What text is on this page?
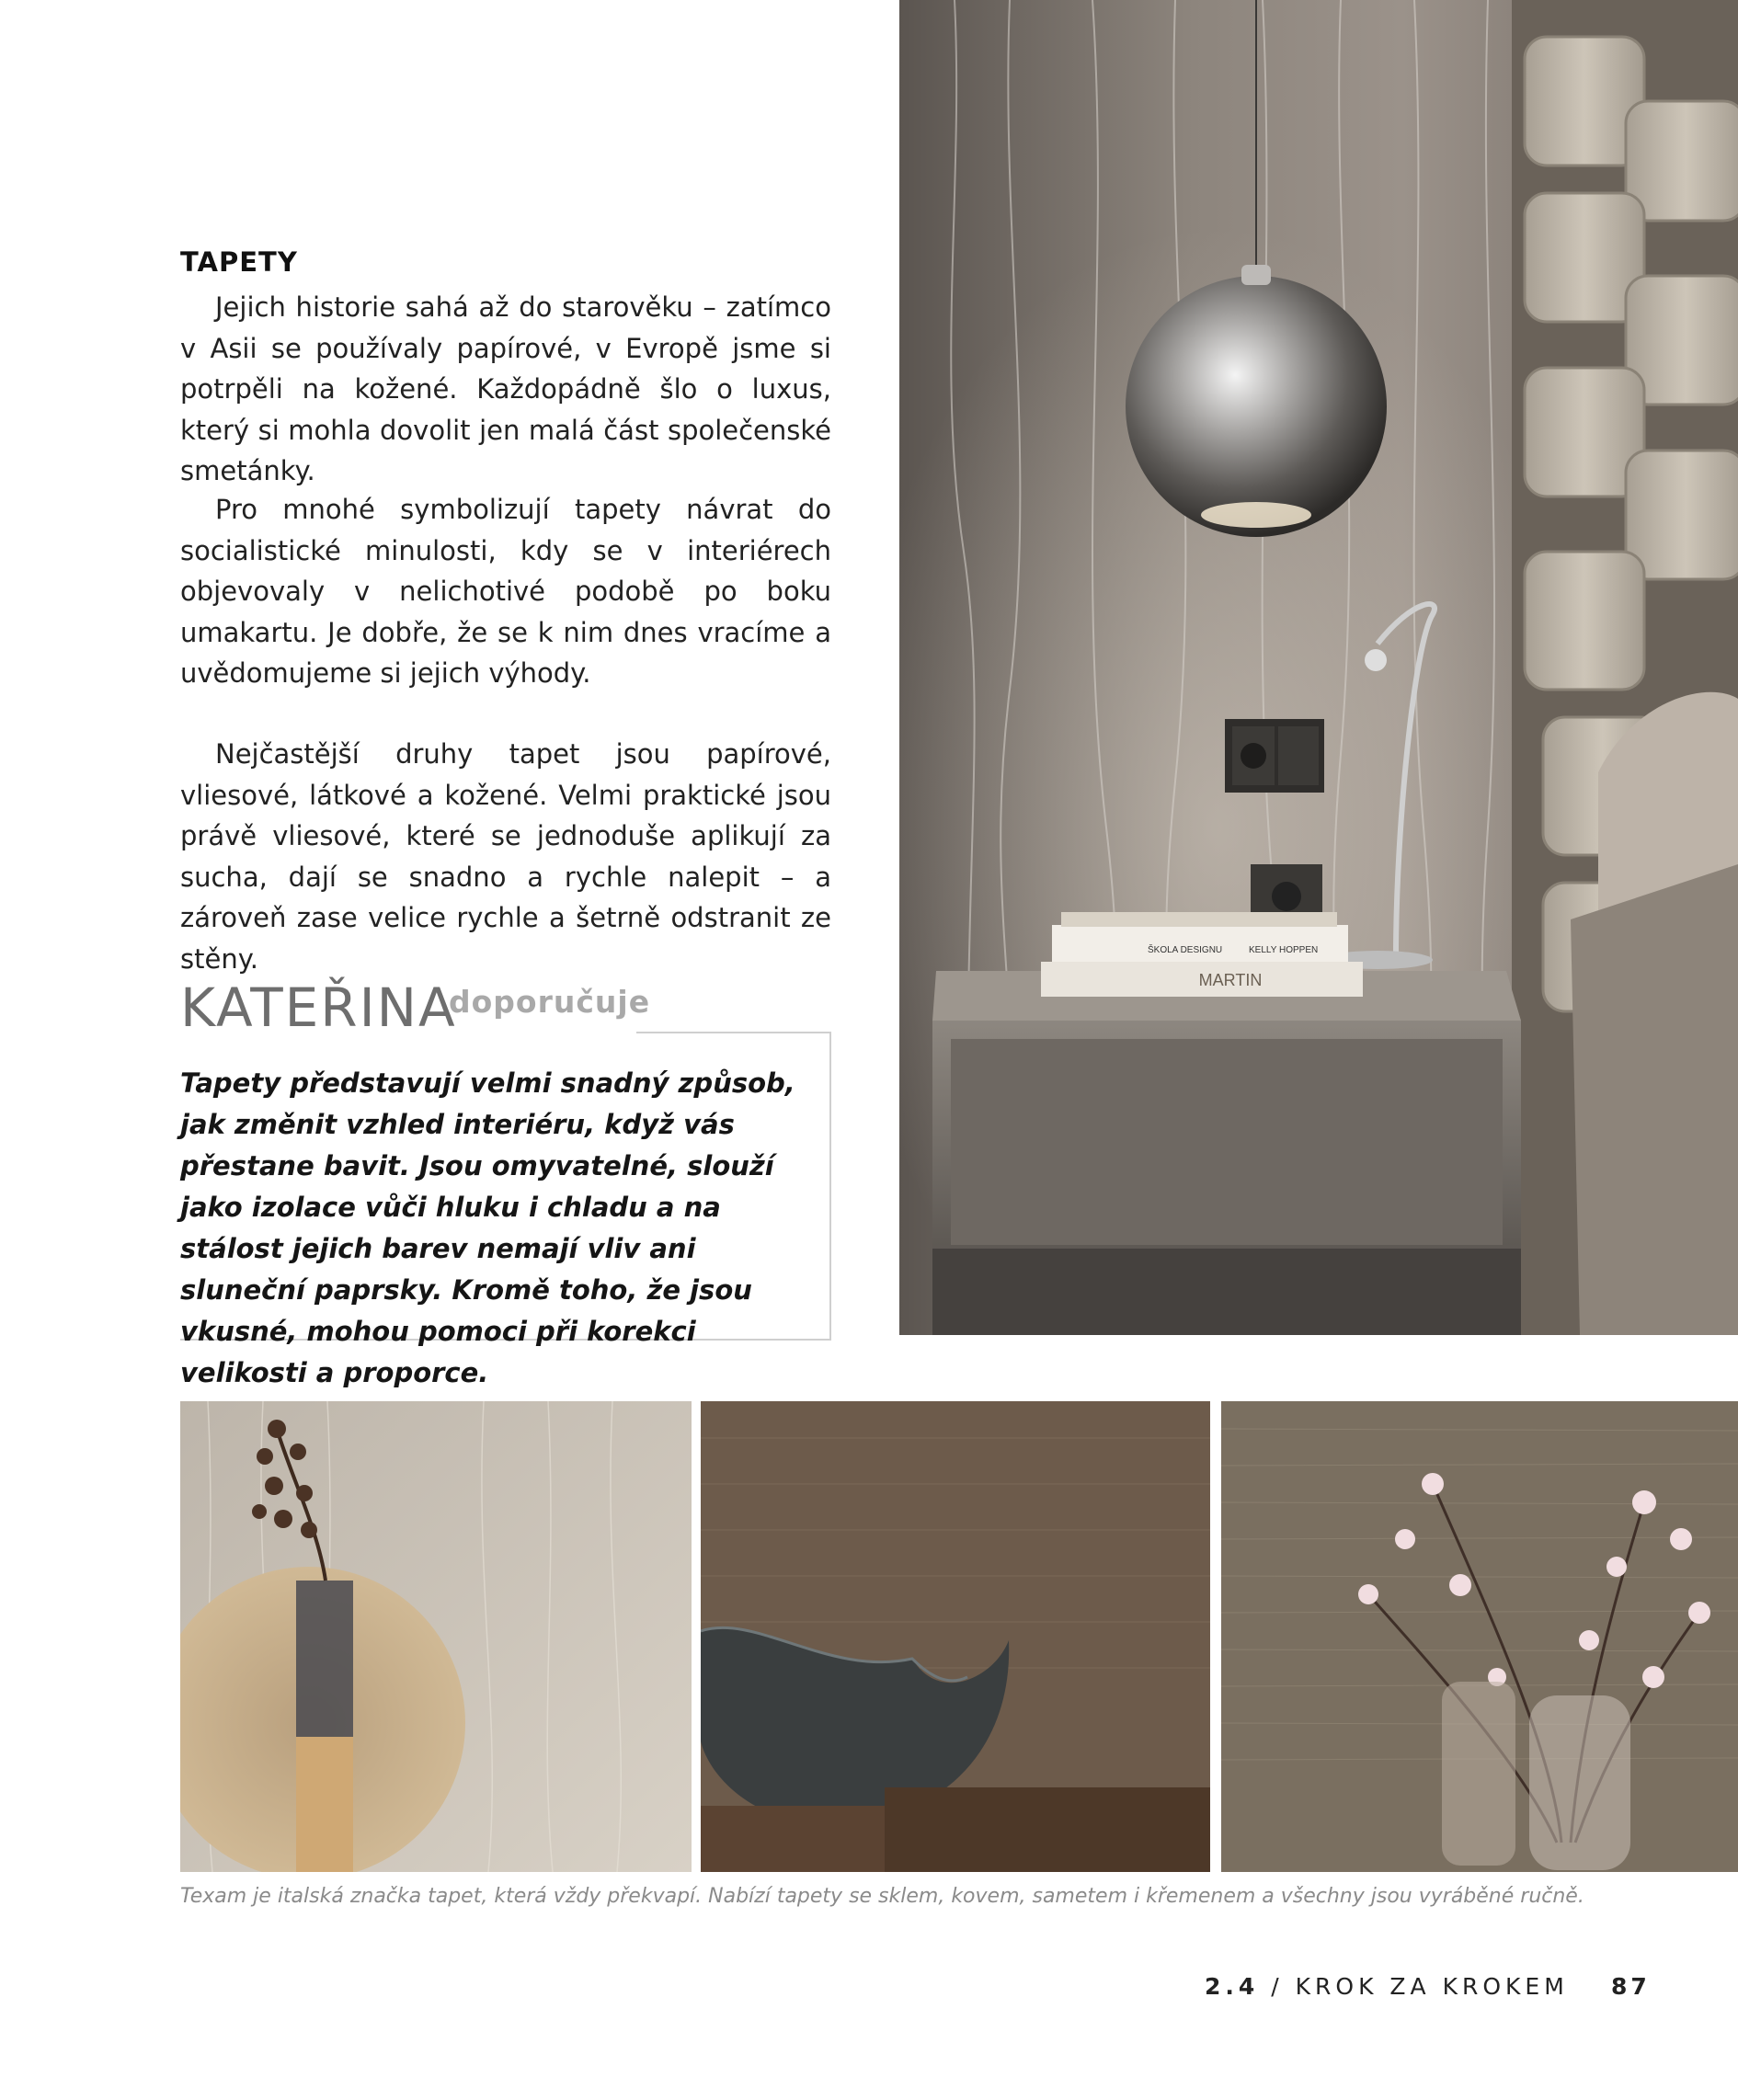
TAPETY

Jejich historie sahá až do starověku – zatímco v Asii se používaly papírové, v Evropě jsme si potrpěli na kožené. Každopádně šlo o luxus, který si mohla dovolit jen malá část společenské smetánky.

Pro mnohé symbolizují tapety návrat do socialistické minulosti, kdy se v interiérech objevovaly v nelichotivé podobě po boku umakartu. Je dobře, že se k nim dnes vracíme a uvědomujeme si jejich výhody.

Nejčastější druhy tapet jsou papírové, vliesové, látkové a kožené. Velmi praktické jsou právě vliesové, které se jednoduše aplikují za sucha, dají se snadno a rychle nalepit – a zároveň zase velice rychle a šetrně odstranit ze stěny.

KATEŘINA
doporučuje

Tapety představují velmi snadný způsob, jak změnit vzhled interiéru, když vás přestane bavit. Jsou omyvatelné, slouží jako izolace vůči hluku i chladu a na stálost jejich barev nemají vliv ani sluneční paprsky. Kromě toho, že jsou vkusné, mohou pomoci při korekci velikosti a proporce.

MARTIN
ŠKOLA DESIGNU	KELLY HOPPEN
Texam je italská značka tapet, která vždy překvapí. Nabízí tapety se sklem, kovem, sametem i křemenem a všechny jsou vyráběné ručně.
2.4 / KROK ZA KROKEM 87
